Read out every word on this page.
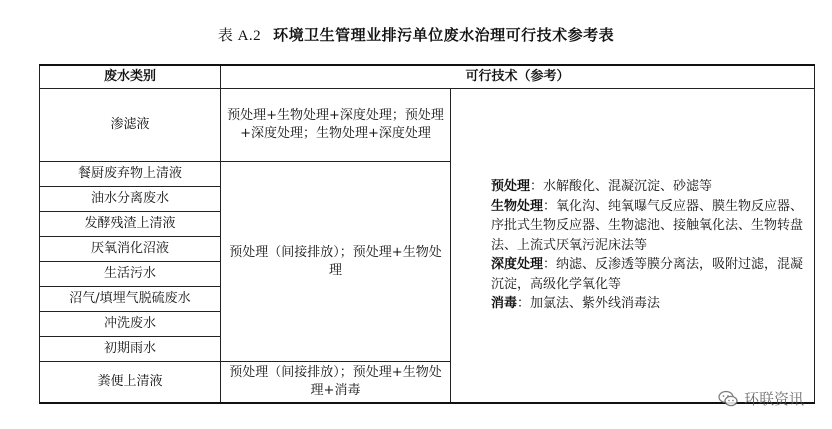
表 A.2 环境卫生管理业排污单位废水治理可行技术参考表
废水类别	可行技术（参考）	
渗滤液	预处理+生物处理+深度处理；预处理+深度处理；生物处理+深度处理	预处理：水解酸化、混凝沉淀、砂滤等
生物处理：氧化沟、纯氧曝气反应器、膜生物反应器、序批式生物反应器、生物滤池、接触氧化法、生物转盘法、上流式厌氧污泥床法等
深度处理：纳滤、反渗透等膜分离法，吸附过滤，混凝沉淀，高级化学氧化等
消毒：加氯法、紫外线消毒法

餐厨废弃物上清液	预处理（间接排放）；预处理+生物处理	
油水分离废水		
发酵残渣上清液		
厌氧消化沼液		
生活污水		
沼气/填埋气脱硫废水		
冲洗废水		
初期雨水		
粪便上清液	预处理（间接排放）；预处理+生物处理+消毒		环联资讯
